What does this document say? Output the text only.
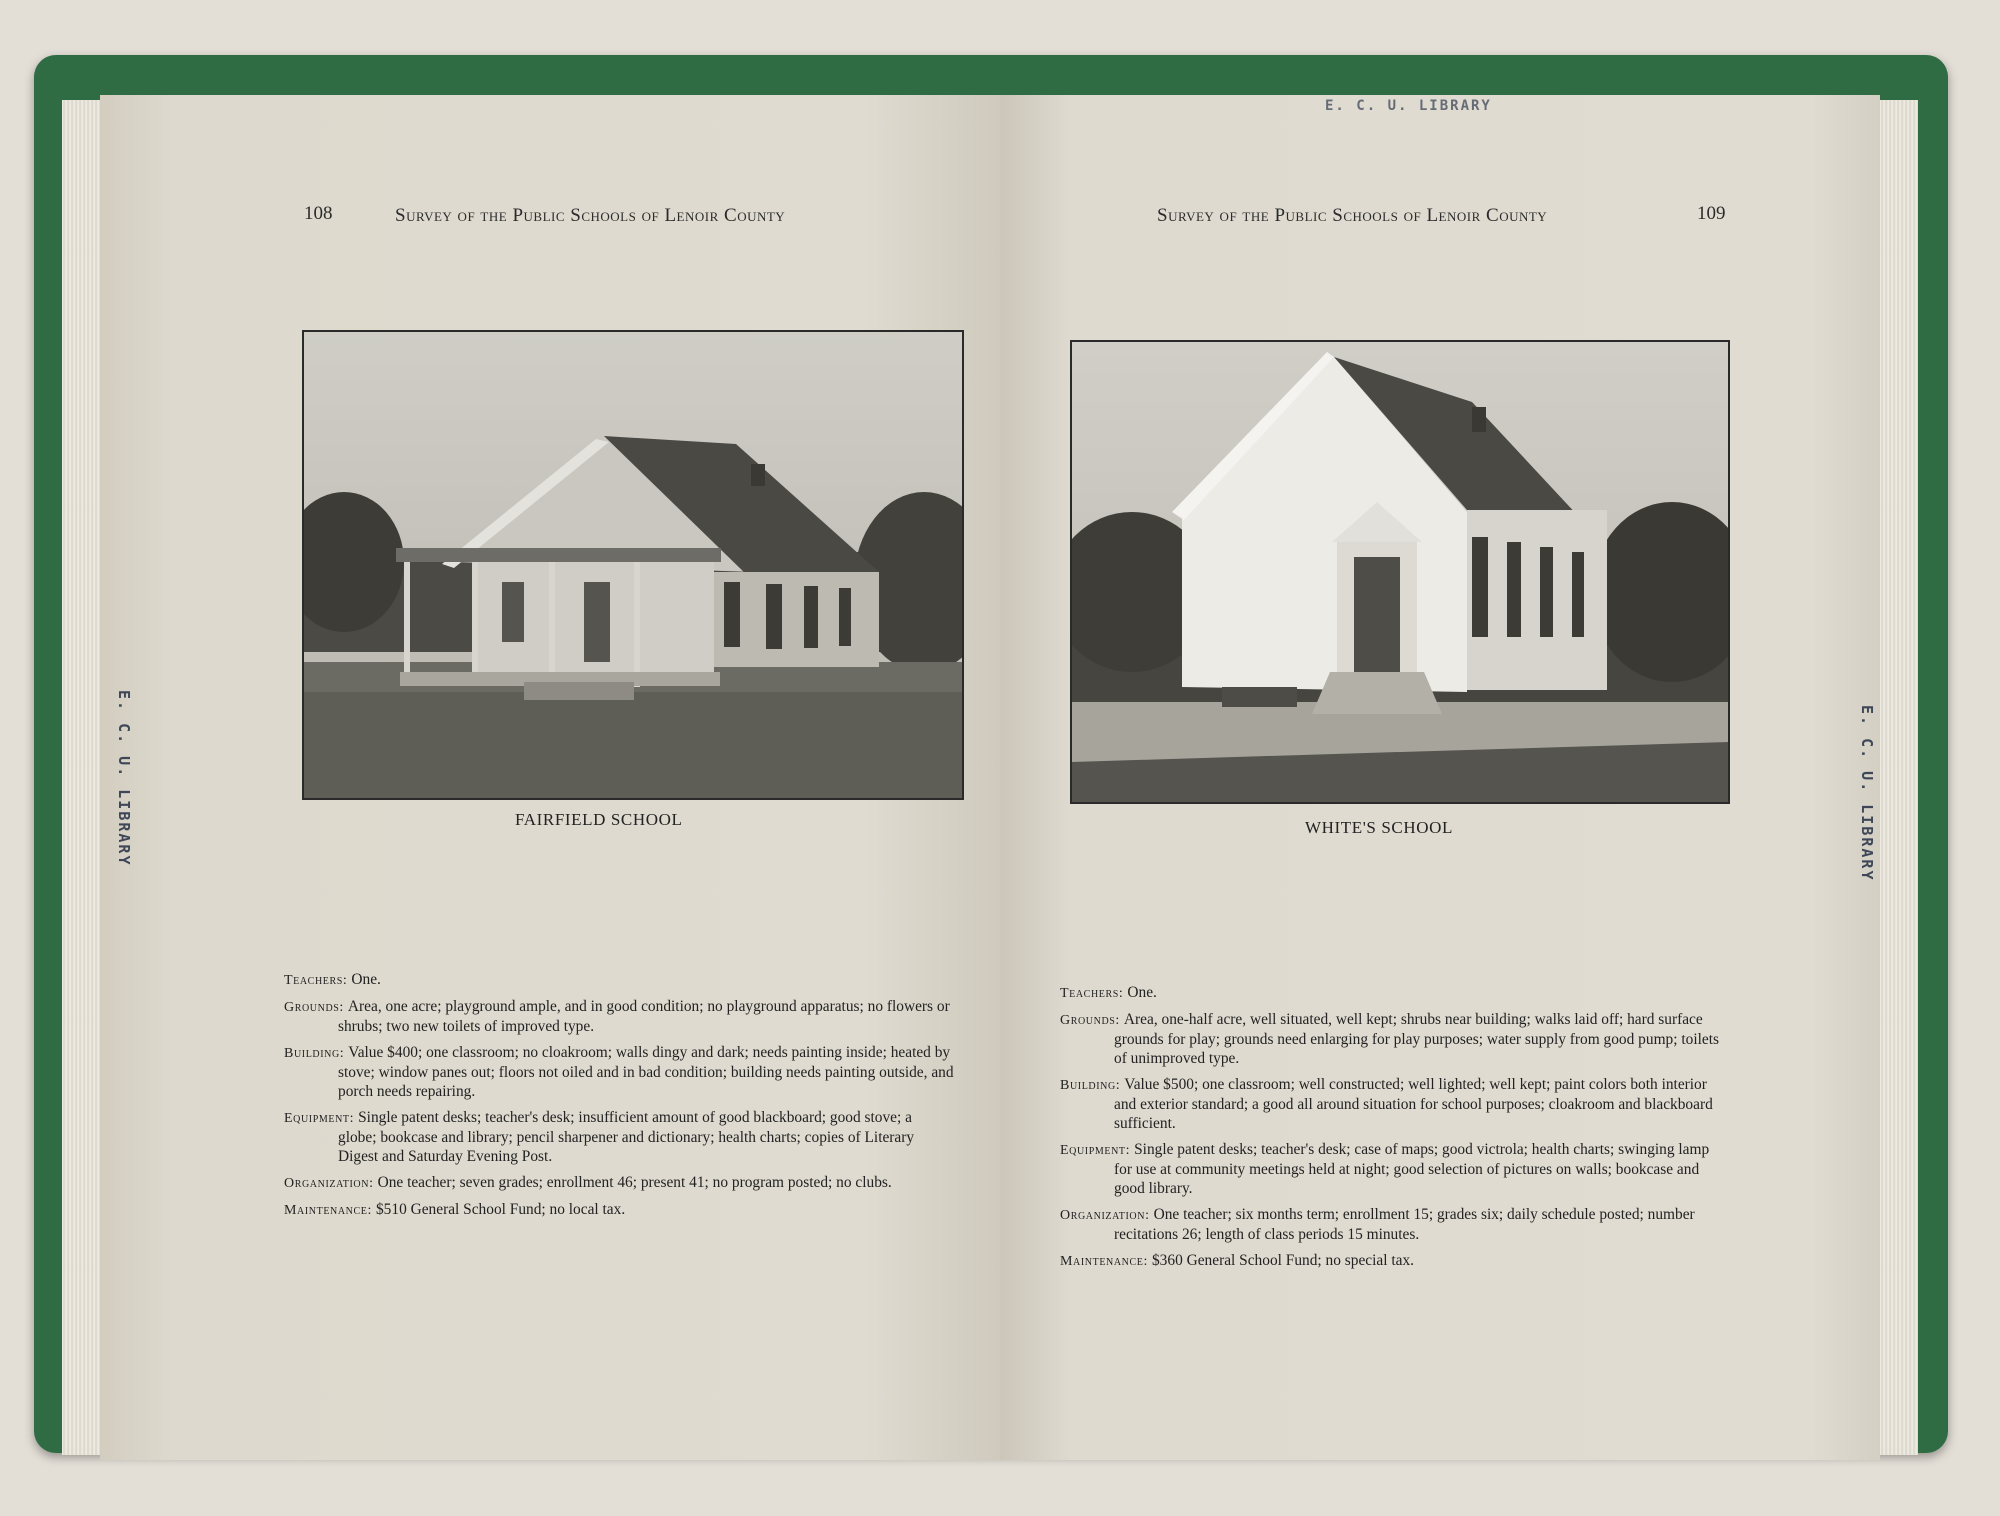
108	Survey of the Public Schools of Lenoir County
FAIRFIELD SCHOOL
Teachers: One.
Grounds: Area, one acre; playground ample, and in good condition; no playground apparatus; no flowers or shrubs; two new toilets of improved type.
Building: Value $400; one classroom; no cloakroom; walls dingy and dark; needs painting inside; heated by stove; window panes out; floors not oiled and in bad condition; building needs painting outside, and porch needs repairing.
Equipment: Single patent desks; teacher's desk; insufficient amount of good blackboard; good stove; a globe; bookcase and library; pencil sharpener and dictionary; health charts; copies of Literary Digest and Saturday Evening Post.
Organization: One teacher; seven grades; enrollment 46; present 41; no program posted; no clubs.
Maintenance: $510 General School Fund; no local tax.
Survey of the Public Schools of Lenoir County	109
WHITE'S SCHOOL
Teachers: One.
Grounds: Area, one-half acre, well situated, well kept; shrubs near building; walks laid off; hard surface grounds for play; grounds need enlarging for play purposes; water supply from good pump; toilets of unimproved type.
Building: Value $500; one classroom; well constructed; well lighted; well kept; paint colors both interior and exterior standard; a good all around situation for school purposes; cloakroom and blackboard sufficient.
Equipment: Single patent desks; teacher's desk; case of maps; good victrola; health charts; swinging lamp for use at community meetings held at night; good selection of pictures on walls; bookcase and good library.
Organization: One teacher; six months term; enrollment 15; grades six; daily schedule posted; number recitations 26; length of class periods 15 minutes.
Maintenance: $360 General School Fund; no special tax.
E. C. U. LIBRARY
E. C. U. LIBRARY	E. C. U. LIBRARY
